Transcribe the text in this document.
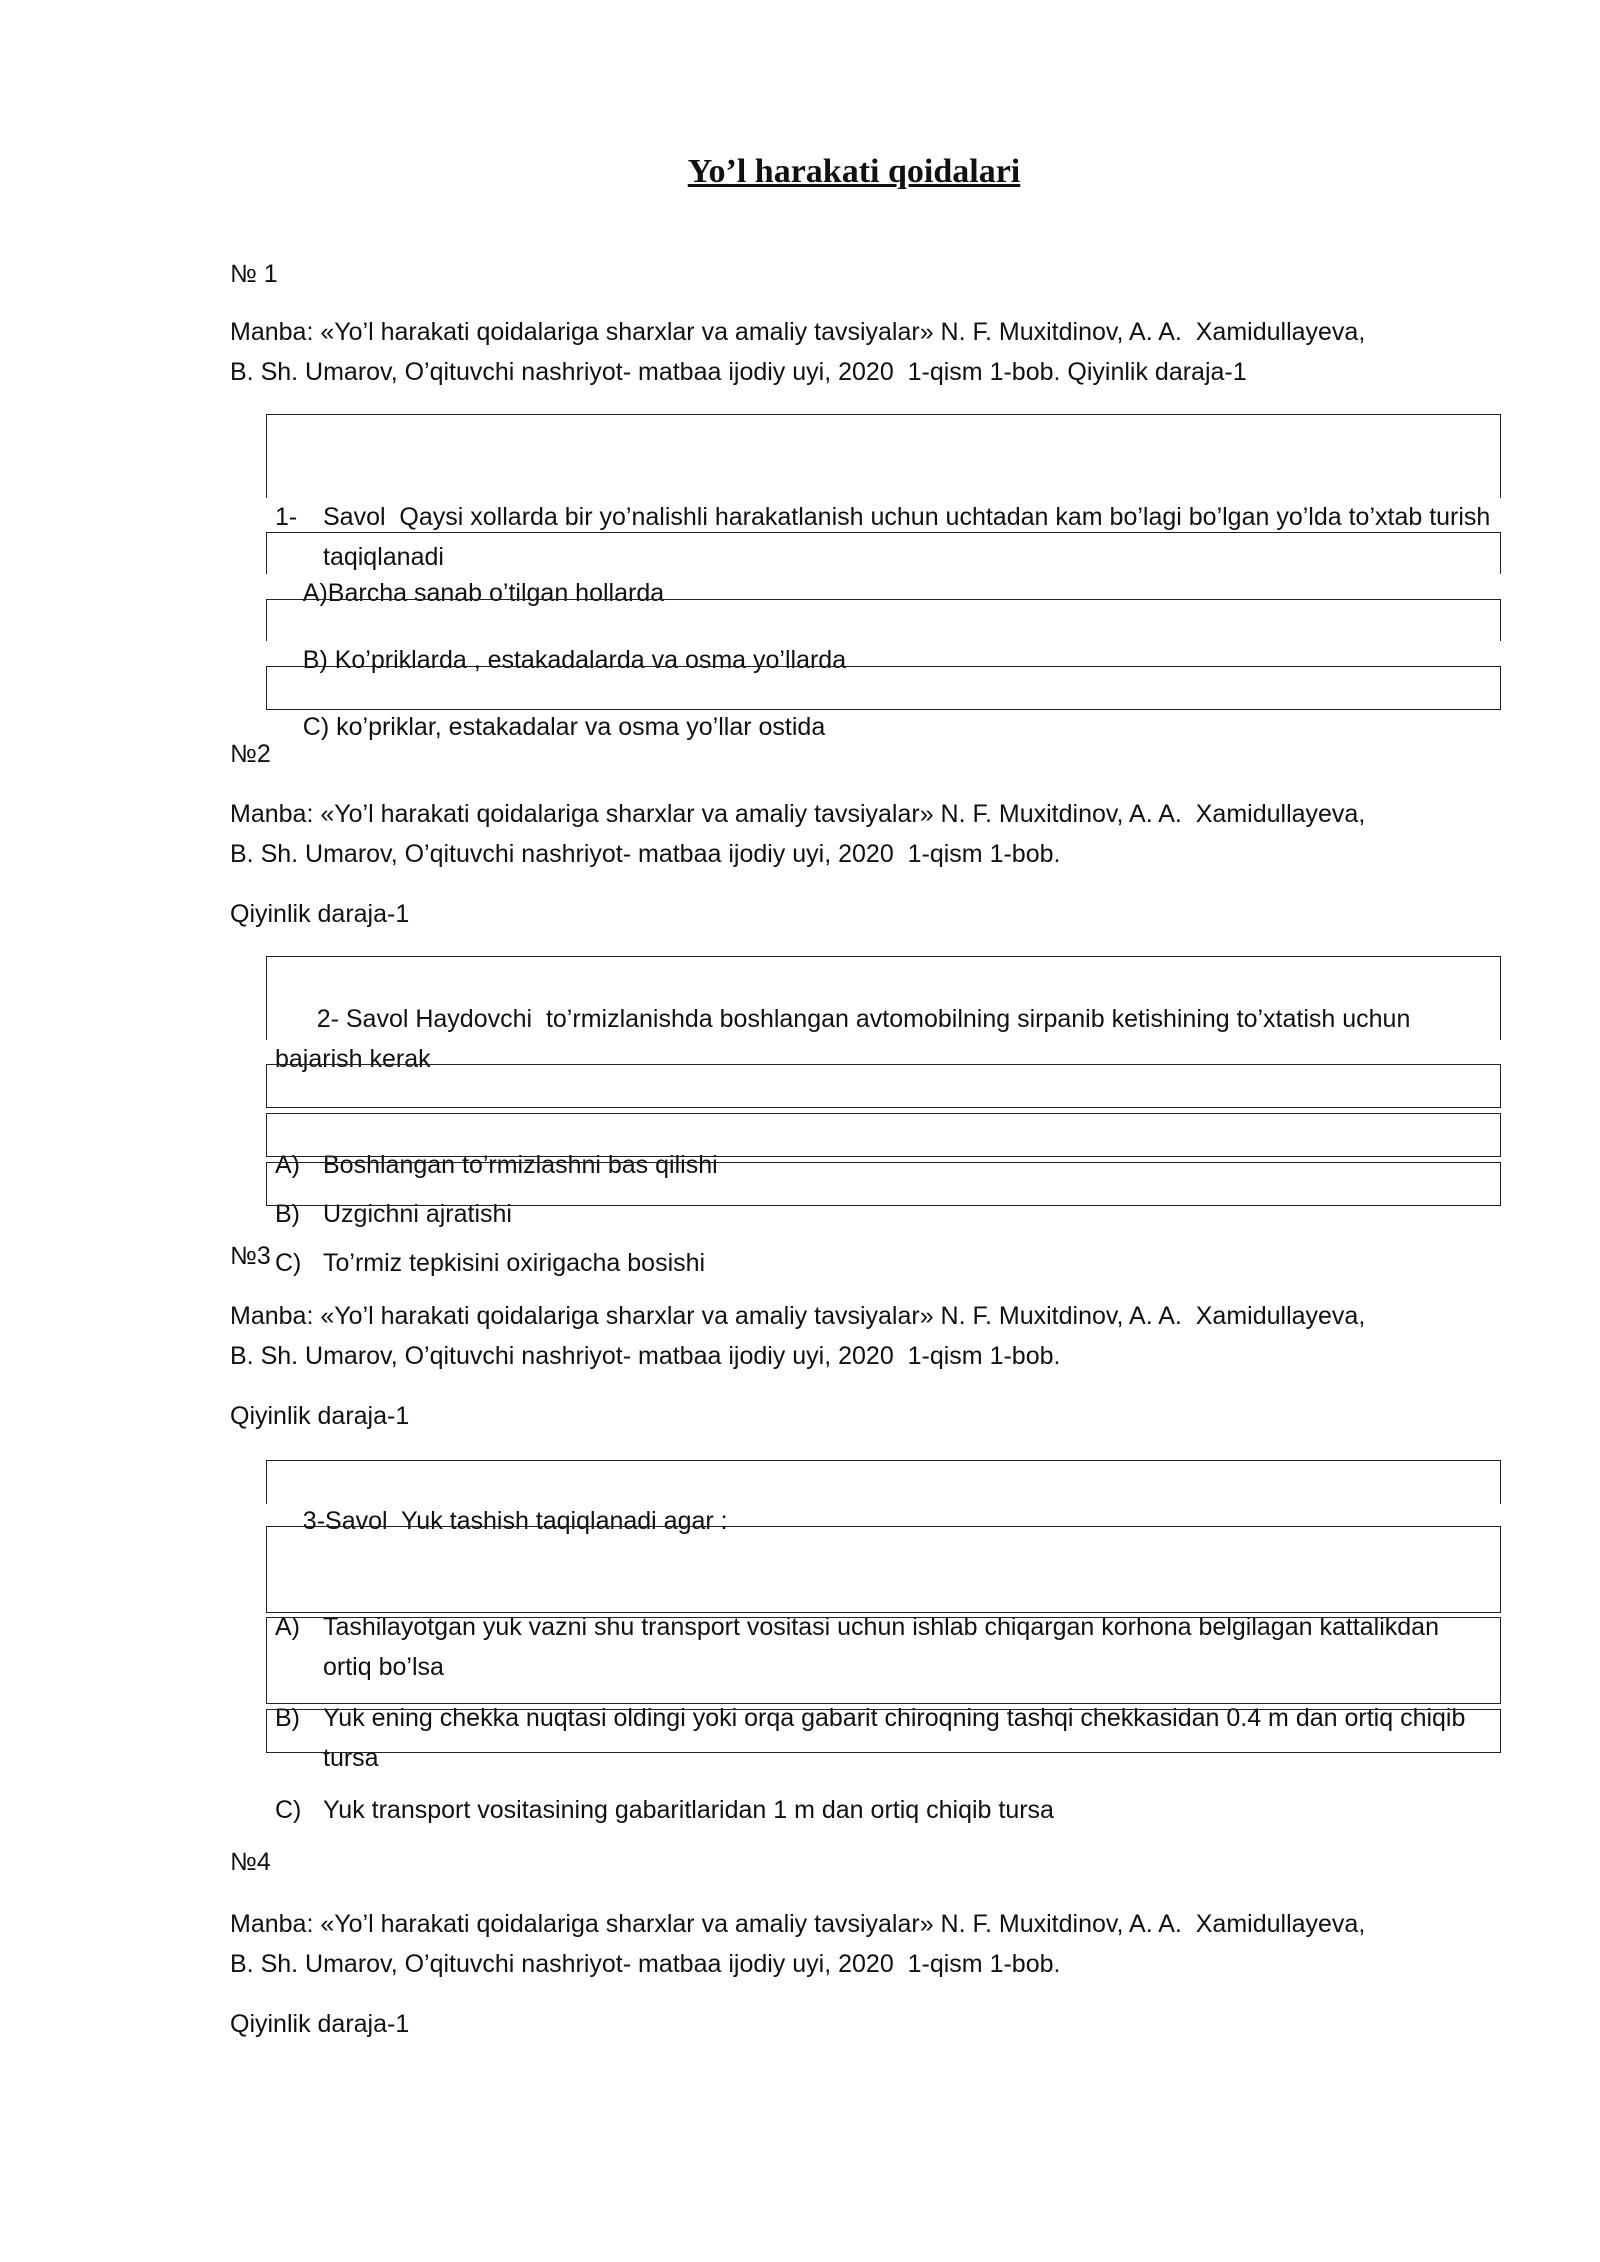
Yo’l harakati qoidalari
№ 1
Manba: «Yo’l harakati qoidalariga sharxlar va amaliy tavsiyalar» N. F. Muxitdinov, A. A.  Xamidullayeva,
B. Sh. Umarov, O’qituvchi nashriyot- matbaa ijodiy uyi, 2020  1-qism 1-bob. Qiyinlik daraja-1

1-	Savol  Qaysi xollarda bir yo’nalishli harakatlanish uchun uchtadan kam bo’lagi bo’lgan yo’lda to’xtab turish taqiqlanadi

A)Barcha sanab o’tilgan hollarda

B) Ko’priklarda , estakadalarda va osma yo’llarda

C) ko’priklar, estakadalar va osma yo’llar ostida

№2
Manba: «Yo’l harakati qoidalariga sharxlar va amaliy tavsiyalar» N. F. Muxitdinov, A. A.  Xamidullayeva,
B. Sh. Umarov, O’qituvchi nashriyot- matbaa ijodiy uyi, 2020  1-qism 1-bob.
Qiyinlik daraja-1

2- Savol Haydovchi  to’rmizlanishda boshlangan avtomobilning sirpanib ketishining to’xtatish uchun bajarish kerak

A) Boshlangan to’rmizlashni bas qilishi

B) Uzgichni ajratishi

C) To’rmiz tepkisini oxirigacha bosishi

№3
Manba: «Yo’l harakati qoidalariga sharxlar va amaliy tavsiyalar» N. F. Muxitdinov, A. A.  Xamidullayeva,
B. Sh. Umarov, O’qituvchi nashriyot- matbaa ijodiy uyi, 2020  1-qism 1-bob.
Qiyinlik daraja-1

3-Savol  Yuk tashish taqiqlanadi agar :

A) Tashilayotgan yuk vazni shu transport vositasi uchun ishlab chiqargan korhona belgilagan kattalikdan ortiq bo’lsa

B) Yuk ening chekka nuqtasi oldingi yoki orqa gabarit chiroqning tashqi chekkasidan 0.4 m dan ortiq chiqib tursa

C) Yuk transport vositasining gabaritlaridan 1 m dan ortiq chiqib tursa

№4
Manba: «Yo’l harakati qoidalariga sharxlar va amaliy tavsiyalar» N. F. Muxitdinov, A. A.  Xamidullayeva,
B. Sh. Umarov, O’qituvchi nashriyot- matbaa ijodiy uyi, 2020  1-qism 1-bob.
Qiyinlik daraja-1
